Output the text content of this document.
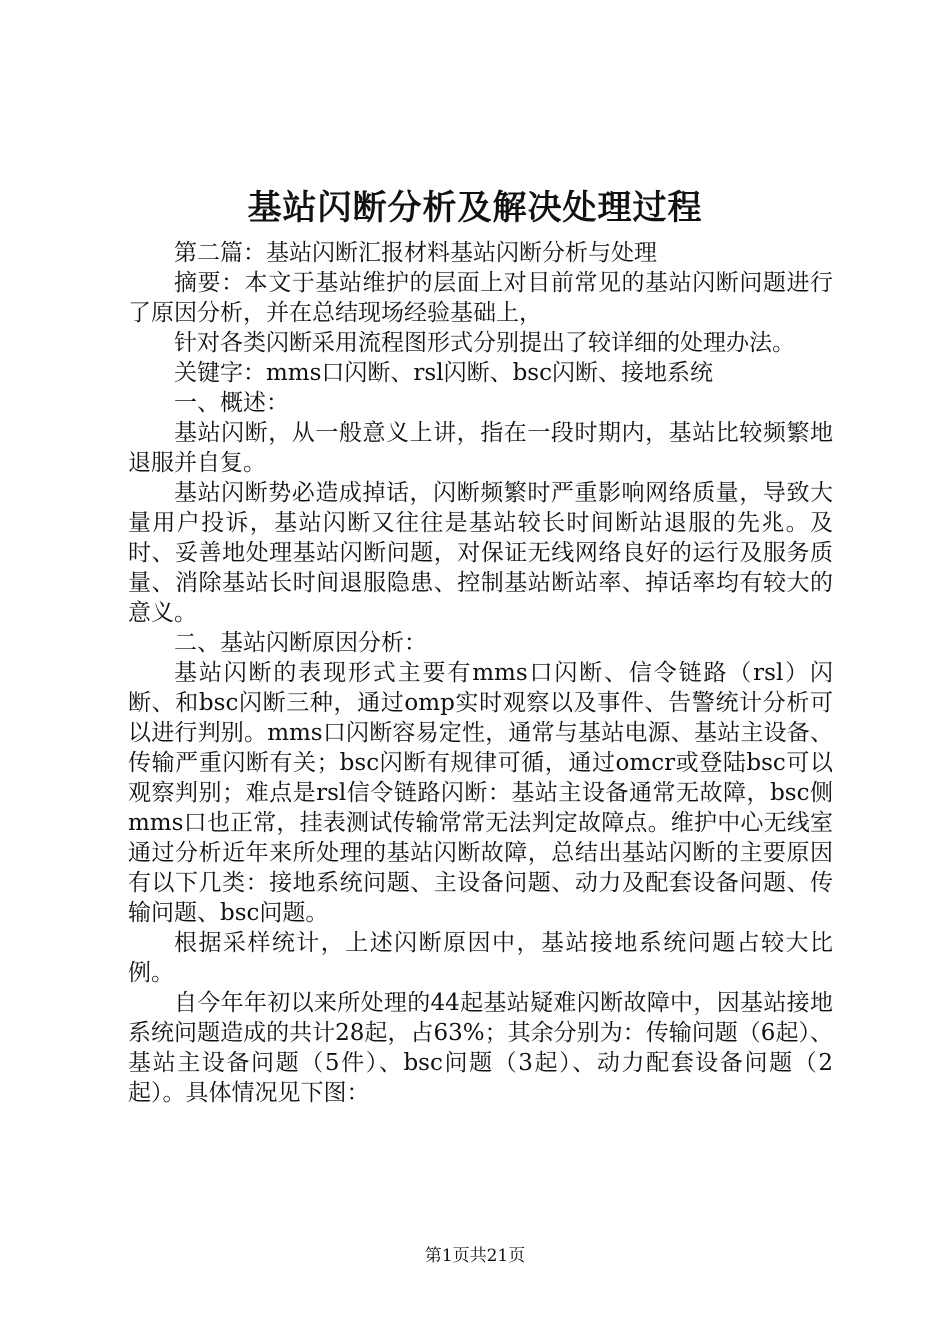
基站闪断分析及解决处理过程

第二篇：基站闪断汇报材料基站闪断分析与处理

摘要：本文于基站维护的层面上对目前常见的基站闪断问题进行了原因分析，并在总结现场经验基础上，

针对各类闪断采用流程图形式分别提出了较详细的处理办法。

关键字：mms口闪断、rsl闪断、bsc闪断、接地系统

一、概述：

基站闪断，从一般意义上讲，指在一段时期内，基站比较频繁地退服并自复。

基站闪断势必造成掉话，闪断频繁时严重影响网络质量，导致大量用户投诉，基站闪断又往往是基站较长时间断站退服的先兆。及时、妥善地处理基站闪断问题，对保证无线网络良好的运行及服务质量、消除基站长时间退服隐患、控制基站断站率、掉话率均有较大的意义。

二、基站闪断原因分析：

基站闪断的表现形式主要有mms口闪断、信令链路（rsl）闪断、和bsc闪断三种，通过omp实时观察以及事件、告警统计分析可以进行判别。mms口闪断容易定性，通常与基站电源、基站主设备、传输严重闪断有关；bsc闪断有规律可循，通过omcr或登陆bsc可以观察判别；难点是rsl信令链路闪断：基站主设备通常无故障，bsc侧mms口也正常，挂表测试传输常常无法判定故障点。维护中心无线室通过分析近年来所处理的基站闪断故障，总结出基站闪断的主要原因有以下几类：接地系统问题、主设备问题、动力及配套设备问题、传输问题、bsc问题。

根据采样统计，上述闪断原因中，基站接地系统问题占较大比例。

自今年年初以来所处理的44起基站疑难闪断故障中，因基站接地系统问题造成的共计28起，占63%；其余分别为：传输问题（6起）、基站主设备问题（5件）、bsc问题（3起）、动力配套设备问题（2起）。具体情况见下图：

第1页共21页
